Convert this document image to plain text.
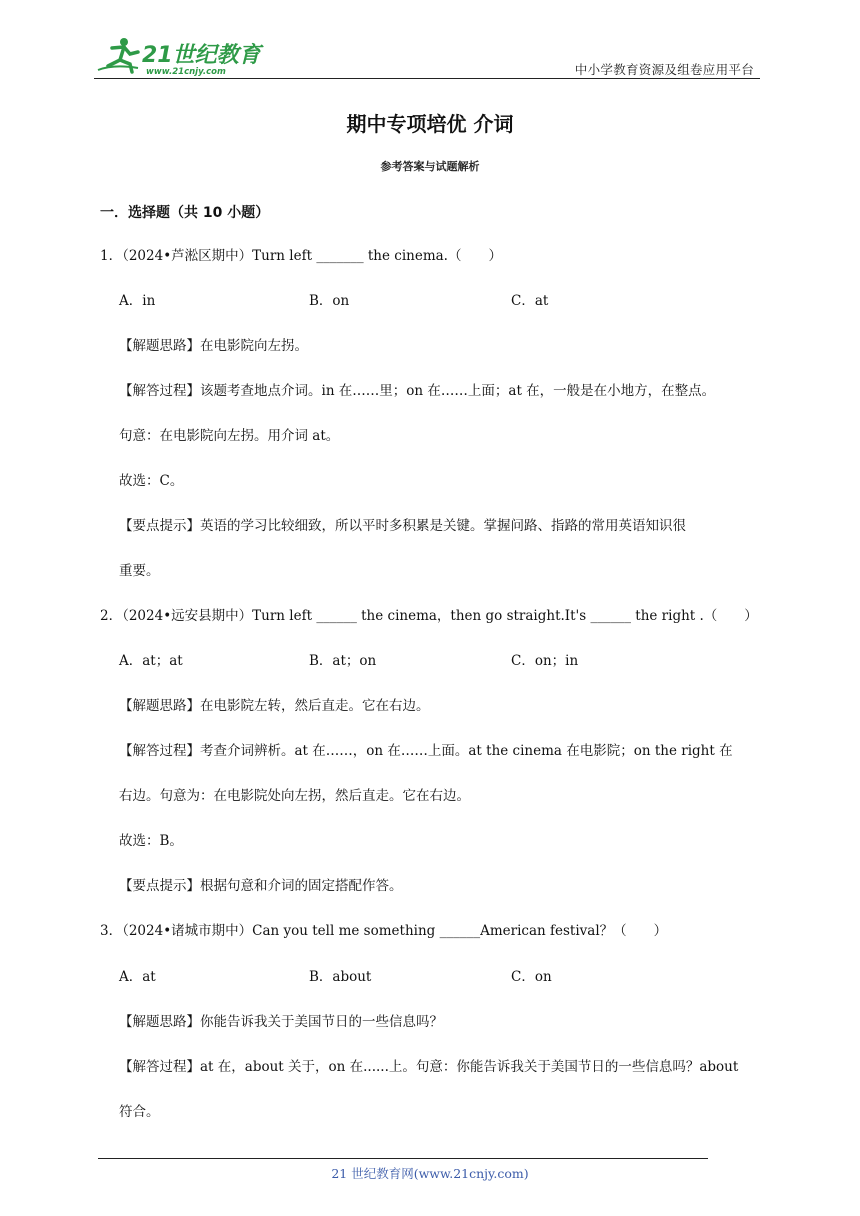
21世纪教育
www.21cnjy.com	中小学教育资源及组卷应用平台
期中专项培优 介词
参考答案与试题解析
一．选择题（共 10 小题）
1．（2024•芦淞区期中）Turn left _______ the cinema.（　　）
A．in	B．on	C．at
【解题思路】在电影院向左拐。
【解答过程】该题考查地点介词。in 在……里；on 在……上面；at 在，一般是在小地方，在整点。
句意：在电影院向左拐。用介词 at。
故选：C。
【要点提示】英语的学习比较细致，所以平时多积累是关键。掌握问路、指路的常用英语知识很
重要。
2．（2024•远安县期中）Turn left ______ the cinema，then go straight.It's ______ the right .（　　）
A．at；at	B．at；on	C．on；in
【解题思路】在电影院左转，然后直走。它在右边。
【解答过程】考查介词辨析。at 在……，on 在……上面。at the cinema 在电影院；on the right 在
右边。句意为：在电影院处向左拐，然后直走。它在右边。
故选：B。
【要点提示】根据句意和介词的固定搭配作答。
3．（2024•诸城市期中）Can you tell me something ______American festival？（　　）
A．at	B．about	C．on
【解题思路】你能告诉我关于美国节日的一些信息吗？
【解答过程】at 在，about 关于，on 在......上。句意：你能告诉我关于美国节日的一些信息吗？about
符合。
21 世纪教育网(www.21cnjy.com)
